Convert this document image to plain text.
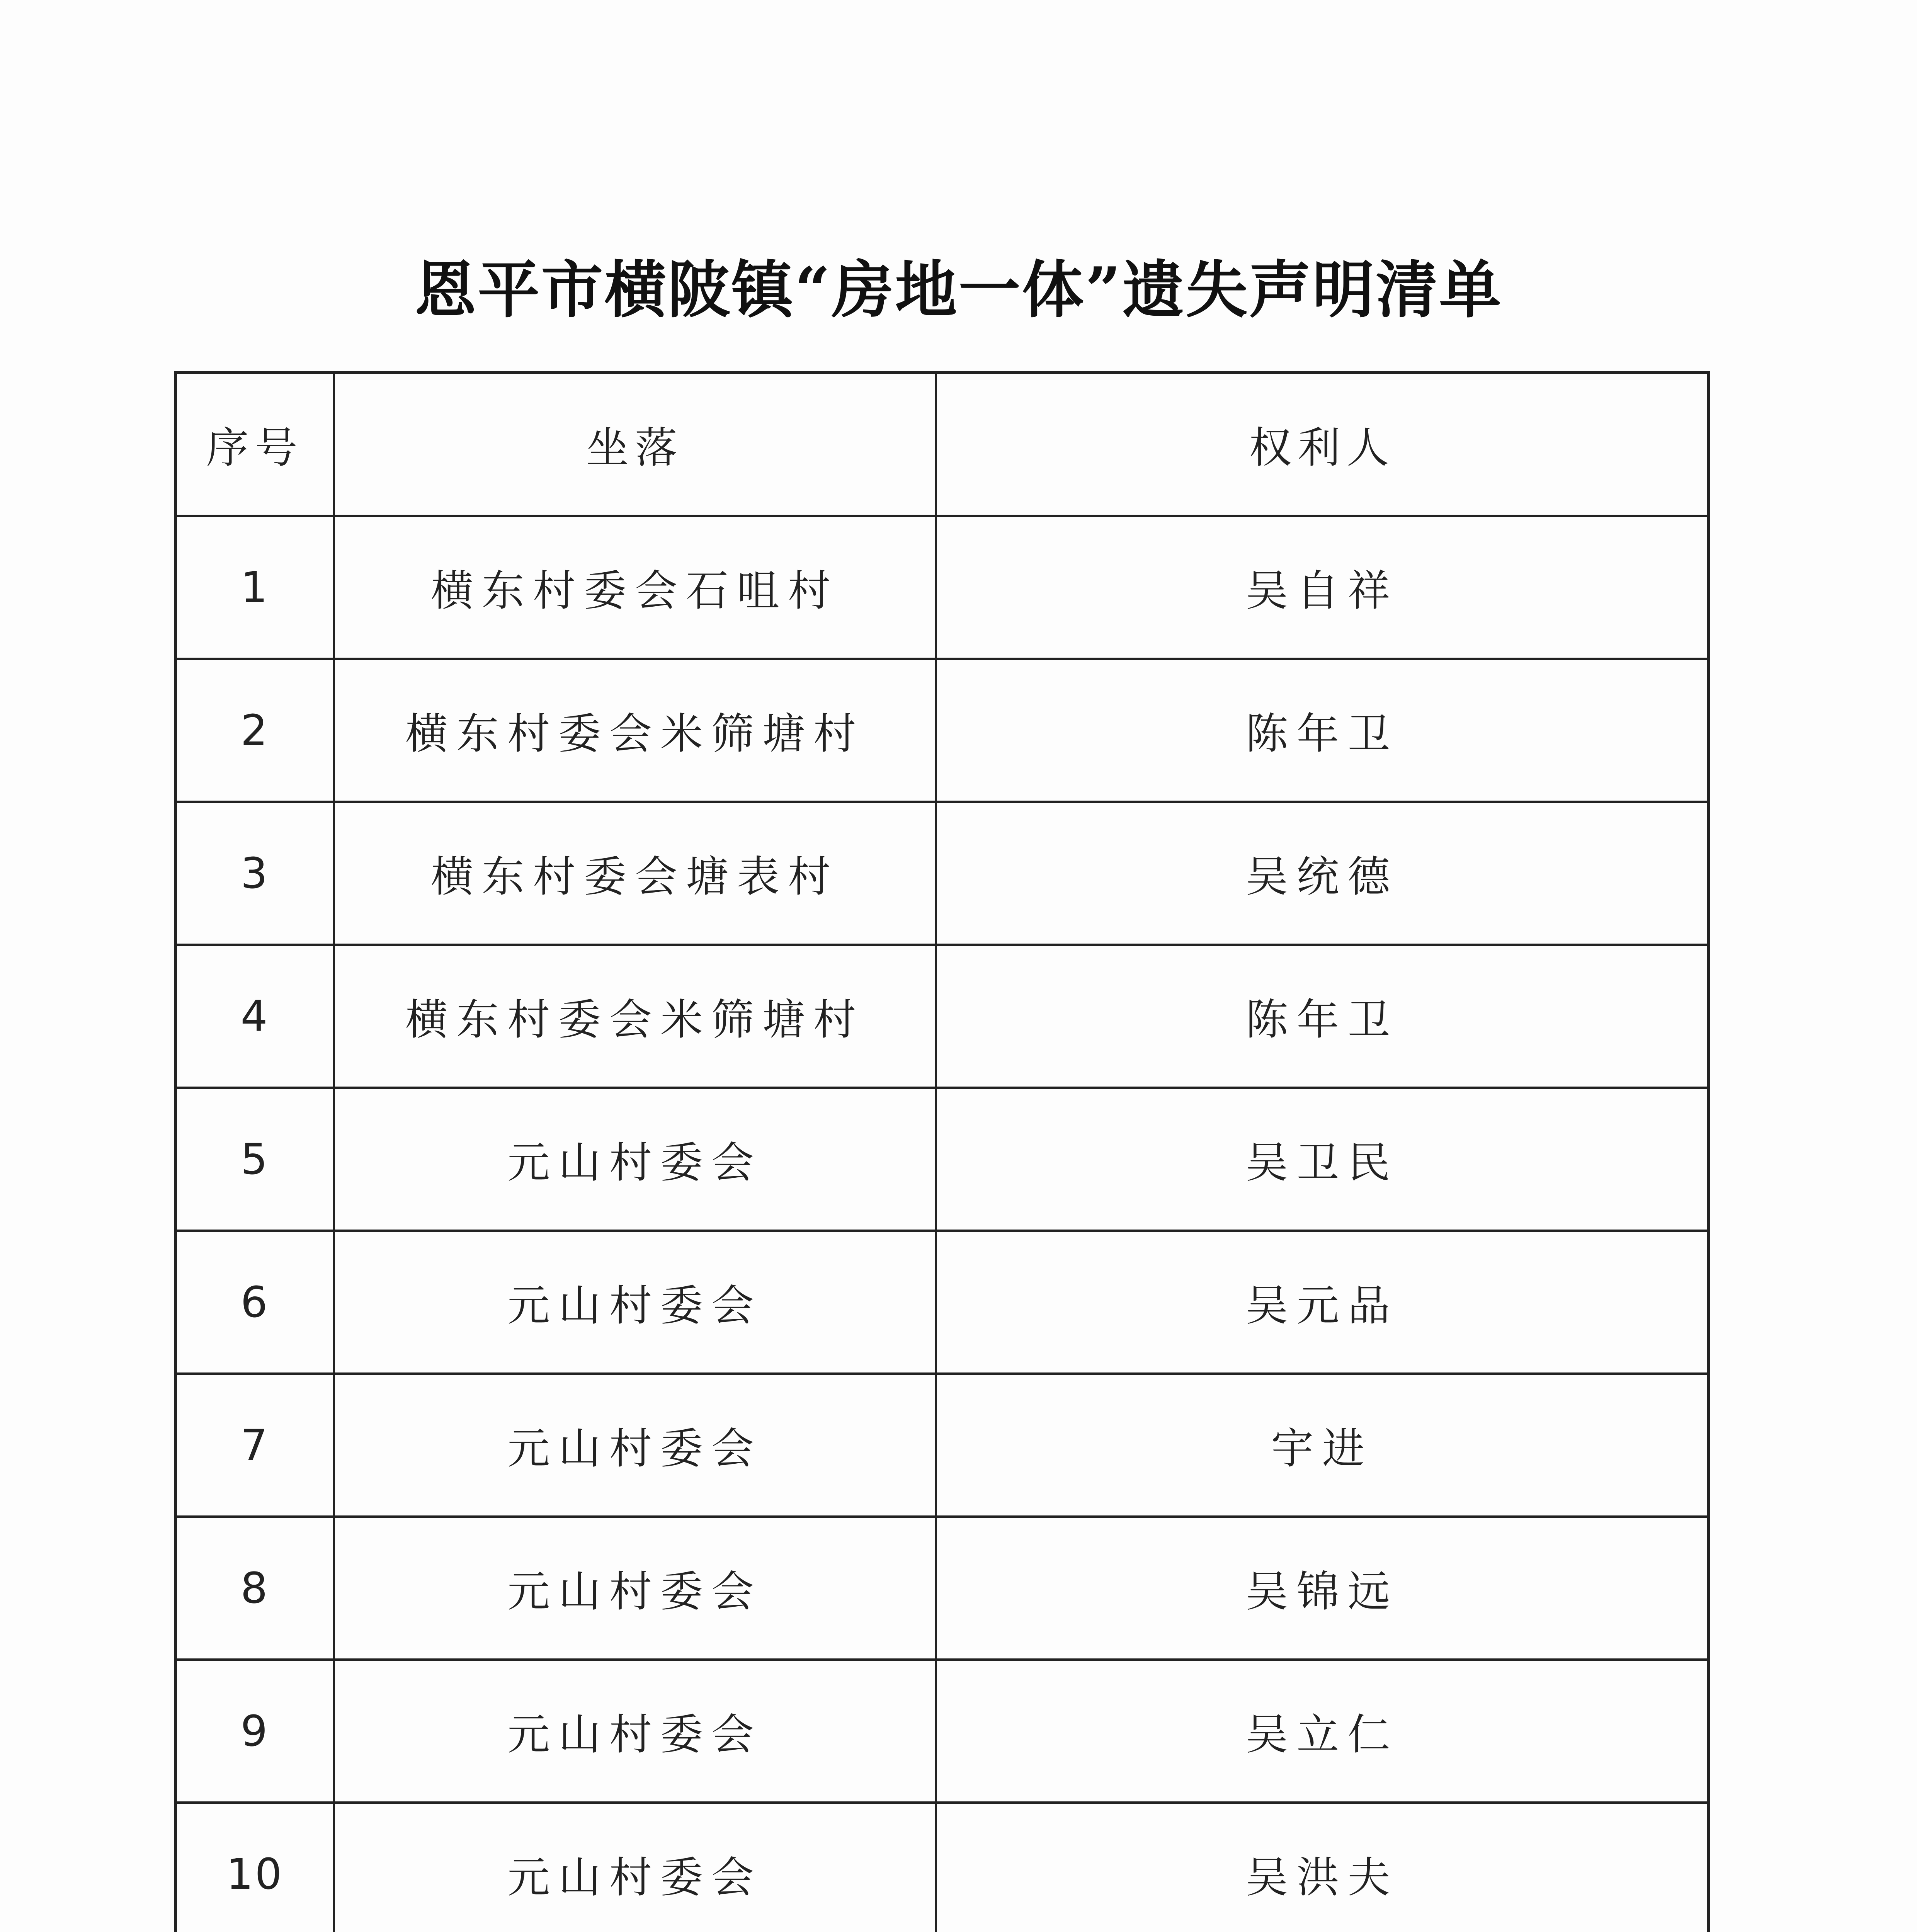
恩平市横陂镇“房地一体”遗失声明清单
序号	坐落	权利人
1	横东村委会石咀村	吴自祥
2	横东村委会米筛塘村	陈年卫
3	横东村委会塘表村	吴统德
4	横东村委会米筛塘村	陈年卫
5	元山村委会	吴卫民
6	元山村委会	吴元品
7	元山村委会	宇进
8	元山村委会	吴锦远
9	元山村委会	吴立仁
10	元山村委会	吴洪夫
